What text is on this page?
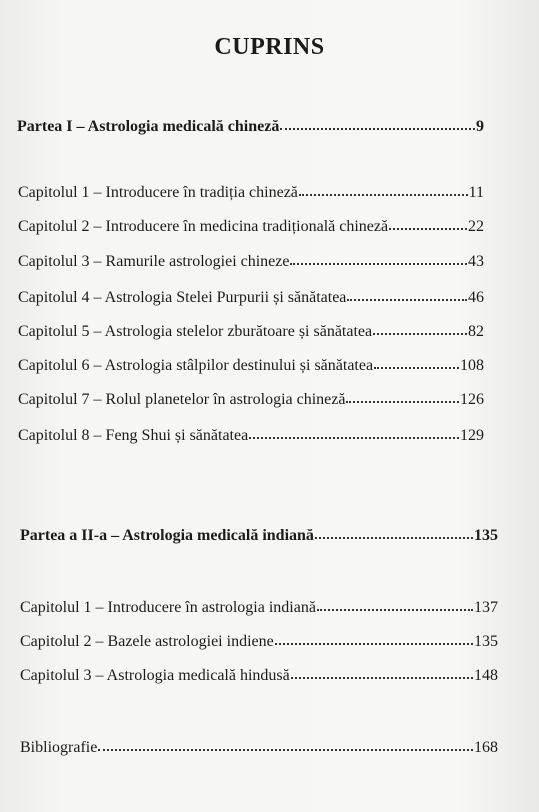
CUPRINS
Partea I – Astrologia medicală chineză	9
Capitolul 1 – Introducere în tradiția chineză	11
Capitolul 2 – Introducere în medicina tradițională chineză	22
Capitolul 3 – Ramurile astrologiei chineze	43
Capitolul 4 – Astrologia Stelei Purpurii și sănătatea	46
Capitolul 5 – Astrologia stelelor zburătoare și sănătatea	82
Capitolul 6 – Astrologia stâlpilor destinului și sănătatea	108
Capitolul 7 – Rolul planetelor în astrologia chineză	126
Capitolul 8 – Feng Shui și sănătatea	129
Partea a II-a – Astrologia medicală indiană	135
Capitolul 1 – Introducere în astrologia indiană	137
Capitolul 2 – Bazele astrologiei indiene	135
Capitolul 3 – Astrologia medicală hindusă	148
Bibliografie	168
